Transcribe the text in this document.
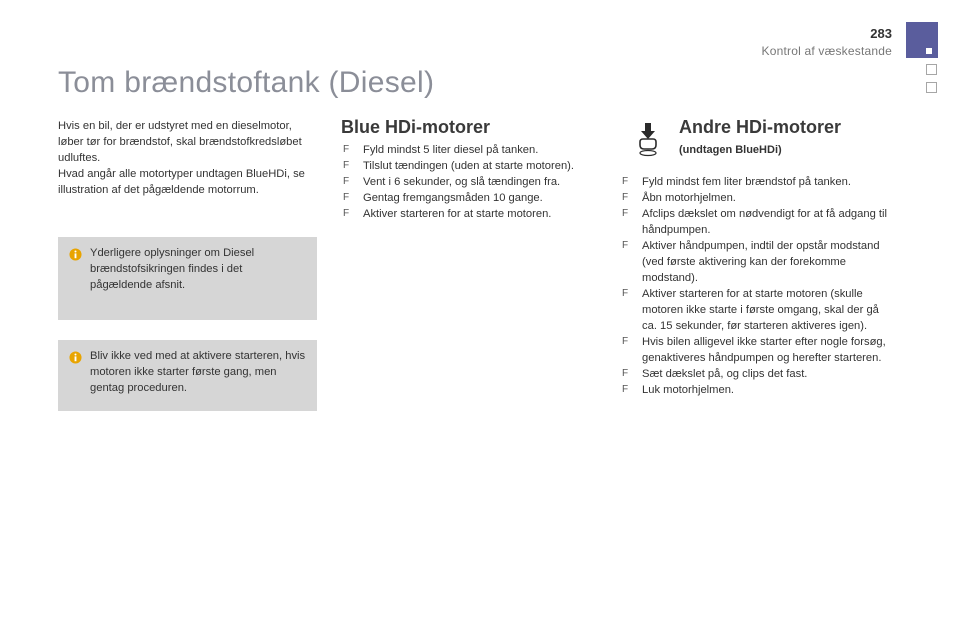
283
Kontrol af væskestande
Tom brændstoftank (Diesel)

Hvis en bil, der er udstyret med en dieselmotor, løber tør for brændstof, skal brændstofkredsløbet udluftes.

Hvad angår alle motortyper undtagen BlueHDi, se illustration af det pågældende motorrum.

Yderligere oplysninger om Diesel brændstofsikringen findes i det pågældende afsnit.

Bliv ikke ved med at aktivere starteren, hvis motoren ikke starter første gang, men gentag proceduren.

Blue HDi-motorer
F	Fyld mindst 5 liter diesel på tanken.
F	Tilslut tændingen (uden at starte motoren).
F	Vent i 6 sekunder, og slå tændingen fra.
F	Gentag fremgangsmåden 10 gange.
F	Aktiver starteren for at starte motoren.
Andre HDi-motorer
(undtagen BlueHDi)
F	Fyld mindst fem liter brændstof på tanken.
F	Åbn motorhjelmen.
F	Afclips dækslet om nødvendigt for at få adgang til håndpumpen.
F	Aktiver håndpumpen, indtil der opstår modstand (ved første aktivering kan der forekomme modstand).
F	Aktiver starteren for at starte motoren (skulle motoren ikke starte i første omgang, skal der gå ca. 15 sekunder, før starteren aktiveres igen).
F	Hvis bilen alligevel ikke starter efter nogle forsøg, genaktiveres håndpumpen og herefter starteren.
F	Sæt dækslet på, og clips det fast.
F	Luk motorhjelmen.
